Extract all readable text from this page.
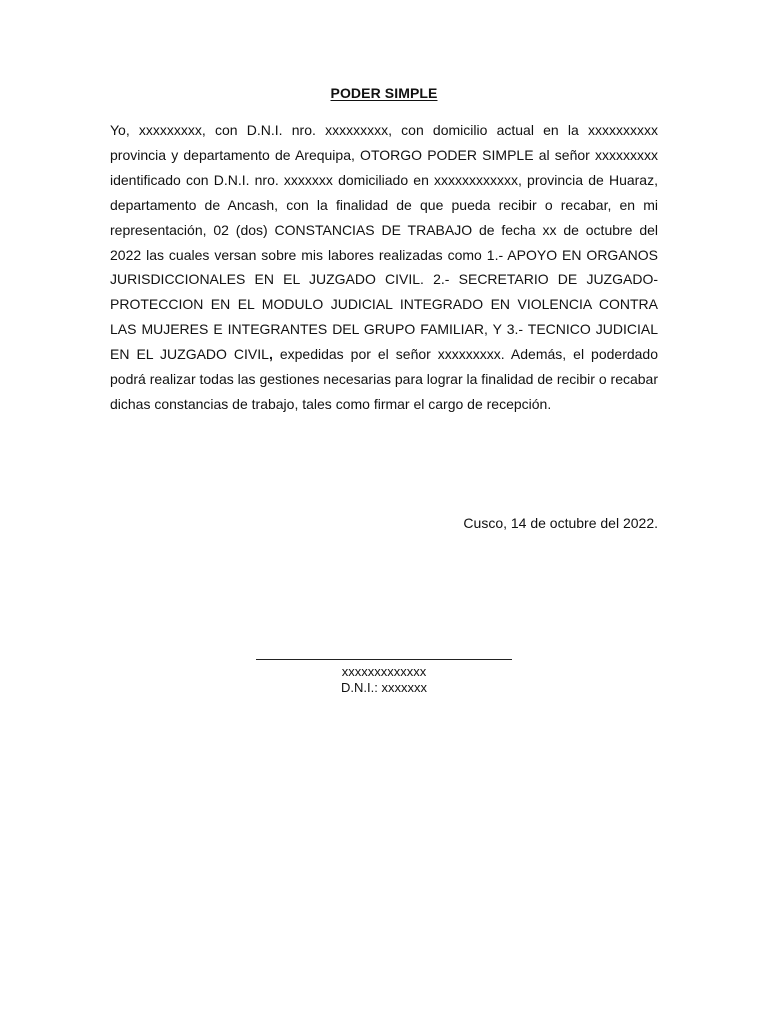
PODER SIMPLE

Yo, xxxxxxxxx, con D.N.I. nro. xxxxxxxxx, con domicilio actual en la xxxxxxxxxx provincia y departamento de Arequipa, OTORGO PODER SIMPLE al señor xxxxxxxxx identificado con D.N.I. nro. xxxxxxx domiciliado en xxxxxxxxxxxx, provincia de Huaraz, departamento de Ancash, con la finalidad de que pueda recibir o recabar, en mi representación, 02 (dos) CONSTANCIAS DE TRABAJO de fecha xx de octubre del 2022 las cuales versan sobre mis labores realizadas como 1.- APOYO EN ORGANOS JURISDICCIONALES EN EL JUZGADO CIVIL. 2.- SECRETARIO DE JUZGADO-PROTECCION EN EL MODULO JUDICIAL INTEGRADO EN VIOLENCIA CONTRA LAS MUJERES E INTEGRANTES DEL GRUPO FAMILIAR, Y 3.- TECNICO JUDICIAL EN EL JUZGADO CIVIL, expedidas por el señor xxxxxxxxx. Además, el poderdado podrá realizar todas las gestiones necesarias para lograr la finalidad de recibir o recabar dichas constancias de trabajo, tales como firmar el cargo de recepción.

Cusco, 14 de octubre del 2022.
xxxxxxxxxxxxx
D.N.I.: xxxxxxx
